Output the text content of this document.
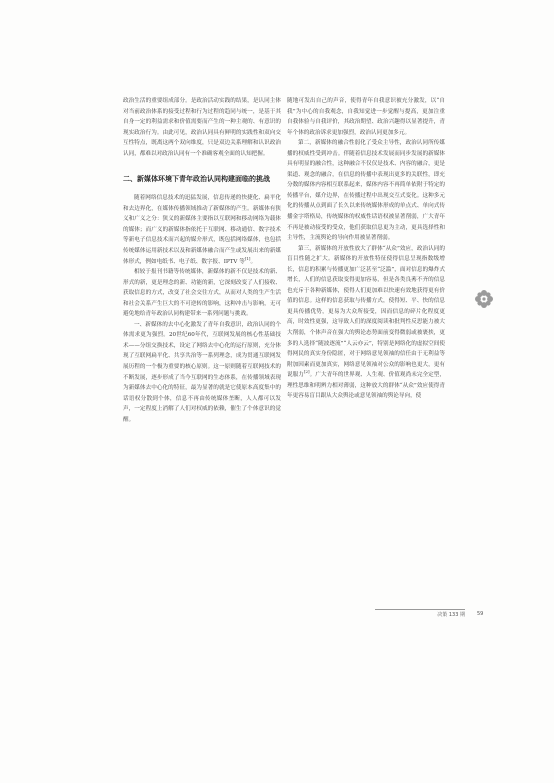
政治生活的重要组成部分。是政治活动实践的结果，是认同主体对当前政治体系的接受过程和行为过程的趋同与统一，是基于其自身一定的利益需求和价值需要而产生的一种主观的、有意识的现实政治行为。由此可见，政治认同具有鲜明的实践性和双向交互性特点，既离这两个双向维度，只是双边关系理解和认识政治认同，都难以对政治认同有一个准确客观全面的认知把握。

二、新媒体环境下青年政治认同构建面临的挑战

随着网络信息技术的迅猛发展，信息传递的快捷化、扁平化和去边界化，在媒体传播领域推动了新媒体的产生。新媒体有狭义和广义之分：狭义的新媒体主要指以互联网和移动网络为载体的媒体；而广义的新媒体指依托于互联网、移动通信、数字技术等新电子信息技术而兴起的媒介形式，既包括网络媒体，也包括传统媒体运用新技术以及和新媒体融合而产生或发展出来的新媒体形式，例如电纸书、电子纸、数字报、IPTV 等[1]。

相较于报刊书籍等传统媒体，新媒体的新不仅是技术的新、形式的新，更是理念的新、功能的新，它深刻改变了人们接收、获取信息的方式，改变了社会交往方式，从而对人类的生产生活和社会关系产生巨大的不可逆转的影响，这种冲击与影响，无可避免地给青年政治认同构建带来一系列问题与挑战。

一、新媒体的去中心化激发了青年自我意识，政治认同的个体需求更为强烈。20世纪60年代，互联网发展的核心性基础技术——分组交换技术，设定了网络去中心化的运行原则，充分体现了互联网扁平化、共享共治等一系列理念，成为贯通互联网发展历程的一个极为重要的核心原则。这一原则随着互联网技术的不断发展，逐步形成了当今互联网的生态体系，在传播领域表现为新媒体去中心化的特征，最为显著的就是它使原本高度集中的话语权分散到个体，信息不再由传统媒体垄断，人人都可以发声，一定程度上消解了人们对权威的依赖，催生了个体意识的觉醒。

随地可发出自己的声音，使得青年自我意识被充分激发，以“自我”为中心的自我观念，自我知觉进一步觉醒与提高，更加注重自我体验与自我评价，其政治期望、政治兴趣得以显著提升，青年个体的政治诉求更加强烈，政治认同更加多元。

第二，新媒体的融合性弱化了受众主导性，政治认同所传媒播的权威性受到冲击。伴随着信息技术发展而同步发展的新媒体具有明显的融合性，这种融合不仅仅是技术、内容的融合，更是渠道、观念的融合，在信息的传播中表现出更多的关联性，即充分数的媒体内容相互联系起来，媒体内容不再简单依附于特定的传播平台，媒介边界，在传播过程中出现交互式变化。这种多元化的传播从点到面了长久以来传统媒体形成的单点式、单向式传播金字塔格局，传统媒体的权威性话语权被显著削弱，广大青年不再是被动接受的受众，他们获取信息更为主动，更具选择性和主导性，主流舆论的导向作用被显著削弱。

第三，新媒体的开放性放大了群体“从众”效应，政治认同的盲目性随之扩大。新媒体的开放性特征使得信息呈现指数级增长，信息的积累与传播更加广泛甚至“泛滥”，面对信息的爆炸式增长，人们的信息获取变得更加容易，但是各类良莠不齐的信息也充斥于各种新媒体，使得人们更加难以快速有效地获得更有价值的信息。这样的信息获取与传播方式，使得短、平、快的信息更具传播优势，更易为大众所接受，因而信息的碎片化程度更高，时效性更强，这导致人们的深度阅读和批判性反思能力被大大削弱，个体声音在强大的舆论态势面前变得微弱或被裹挟，更多的人选择“随波逐流”“人云亦云”，特别是网络化的虚拟空间使得网民的真实身份隐匿，对于网络意见领袖的信任由于无利益等附加因素而更加真实，网络意见领袖对公众的影响也更大，更有说服力[2]。广大青年的世界观、人生观、价值观尚未完全定型，理性思维和明辨力相对薄弱，这种放大的群体“从众”效应使得青年更容易盲目跟从大众舆论或意见领袖的舆论导向，使

决策 133 期 59
